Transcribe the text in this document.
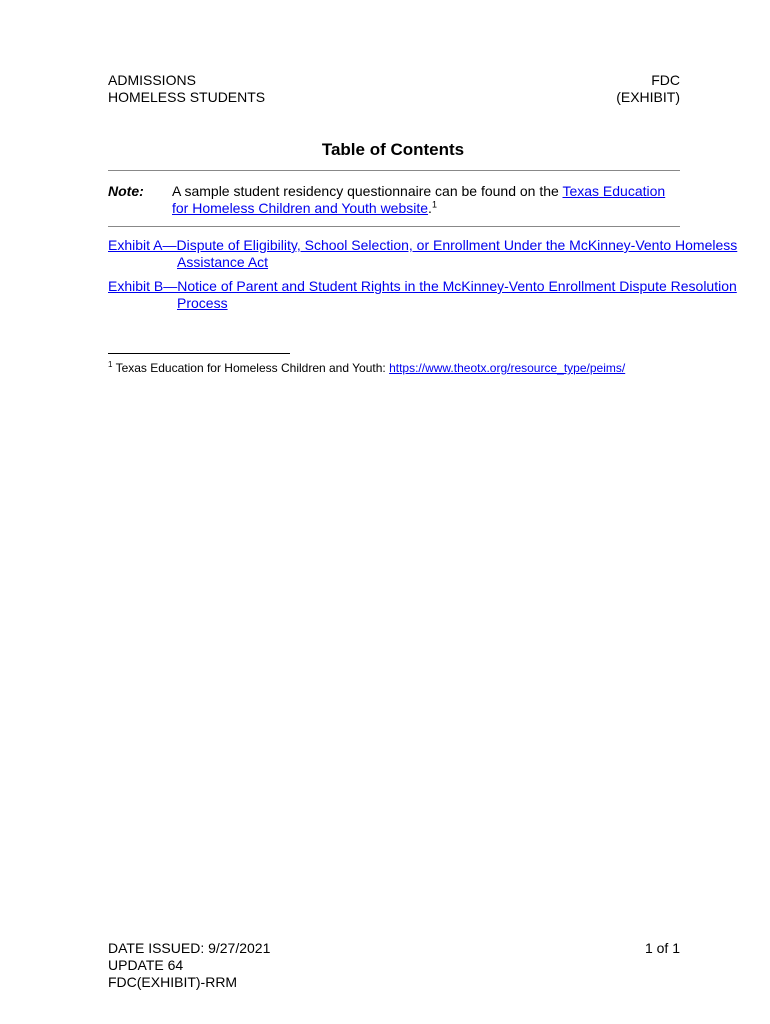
ADMISSIONS
HOMELESS STUDENTS
FDC
(EXHIBIT)
Table of Contents
Note: A sample student residency questionnaire can be found on the Texas Education for Homeless Children and Youth website.$^1$
Exhibit A—Dispute of Eligibility, School Selection, or Enrollment Under the McKinney-Vento Homeless Assistance Act
Exhibit B—Notice of Parent and Student Rights in the McKinney-Vento Enrollment Dispute Resolution Process
$^1$ Texas Education for Homeless Children and Youth: https://www.theotx.org/resource_type/peims/
DATE ISSUED: 9/27/2021
UPDATE 64
FDC(EXHIBIT)-RRM
1 of 1
